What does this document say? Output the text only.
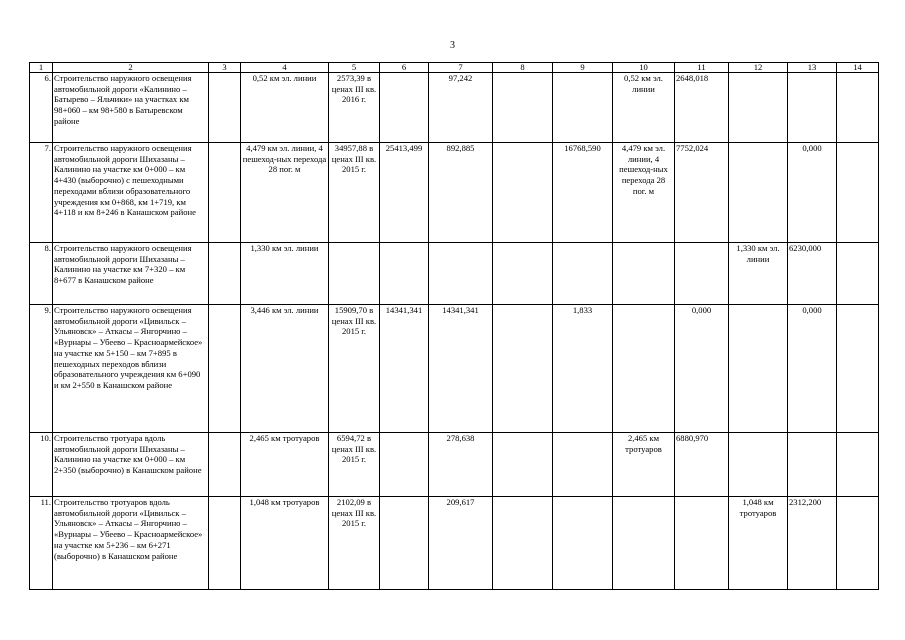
3
1	2	3	4	5	6	7	8	9	10	11	12	13	14
6.	Строительство наружного освещения автомобильной дороги «Калинино – Батырево – Яльчики» на участках км 98+060 – км 98+580 в Батыревском районе		0,52 км эл. линии	2573,39 в ценах III кв. 2016 г.		97,242			0,52 км эл. линии	2648,018			
7.	Строительство наружного освещения автомобильной дороги Шихазаны – Калинино на участке км 0+000 – км 4+430 (выборочно) с пешеходными переходами вблизи образовательного учреждения км 0+868, км 1+719, км 4+118 и км 8+246 в Канашском районе		4,479 км эл. линии, 4 пешеход-ных перехода 28 пог. м	34957,88 в ценах III кв. 2015 г.	25413,499	892,885		16768,590	4,479 км эл. линии, 4 пешеход-ных перехода 28 пог. м	7752,024		0,000	
8.	Строительство наружного освещения автомобильной дороги Шихазаны – Калинино на участке км 7+320 – км 8+677 в Канашском районе		1,330 км эл. линии								1,330 км эл. линии	6230,000	
9.	Строительство наружного освещения автомобильной дороги «Цивильск – Ульяновск» – Аткасы – Янгорчино – «Вурнары – Убеево – Красноармейское» на участке км 5+150 – км 7+895 в пешеходных переходов вблизи образовательного учреждения км 6+090 и км 2+550 в Канашском районе		3,446 км эл. линии	15909,70 в ценах III кв. 2015 г.	14341,341	14341,341		1,833		0,000		0,000	
10.	Строительство тротуара вдоль автомобильной дороги Шихазаны – Калинино на участке км 0+000 – км 2+350 (выборочно) в Канашском районе		2,465 км тротуаров	6594,72 в ценах III кв. 2015 г.		278,638			2,465 км тротуаров	6880,970			
11.	Строительство тротуаров вдоль автомобильной дороги «Цивильск – Ульяновск» – Аткасы – Янгорчино – «Вурнары – Убеево – Красноармейское» на участке км 5+236 – км 6+271 (выборочно) в Канашском районе		1,048 км тротуаров	2102,09 в ценах III кв. 2015 г.		209,617					1,048 км тротуаров	2312,200	
